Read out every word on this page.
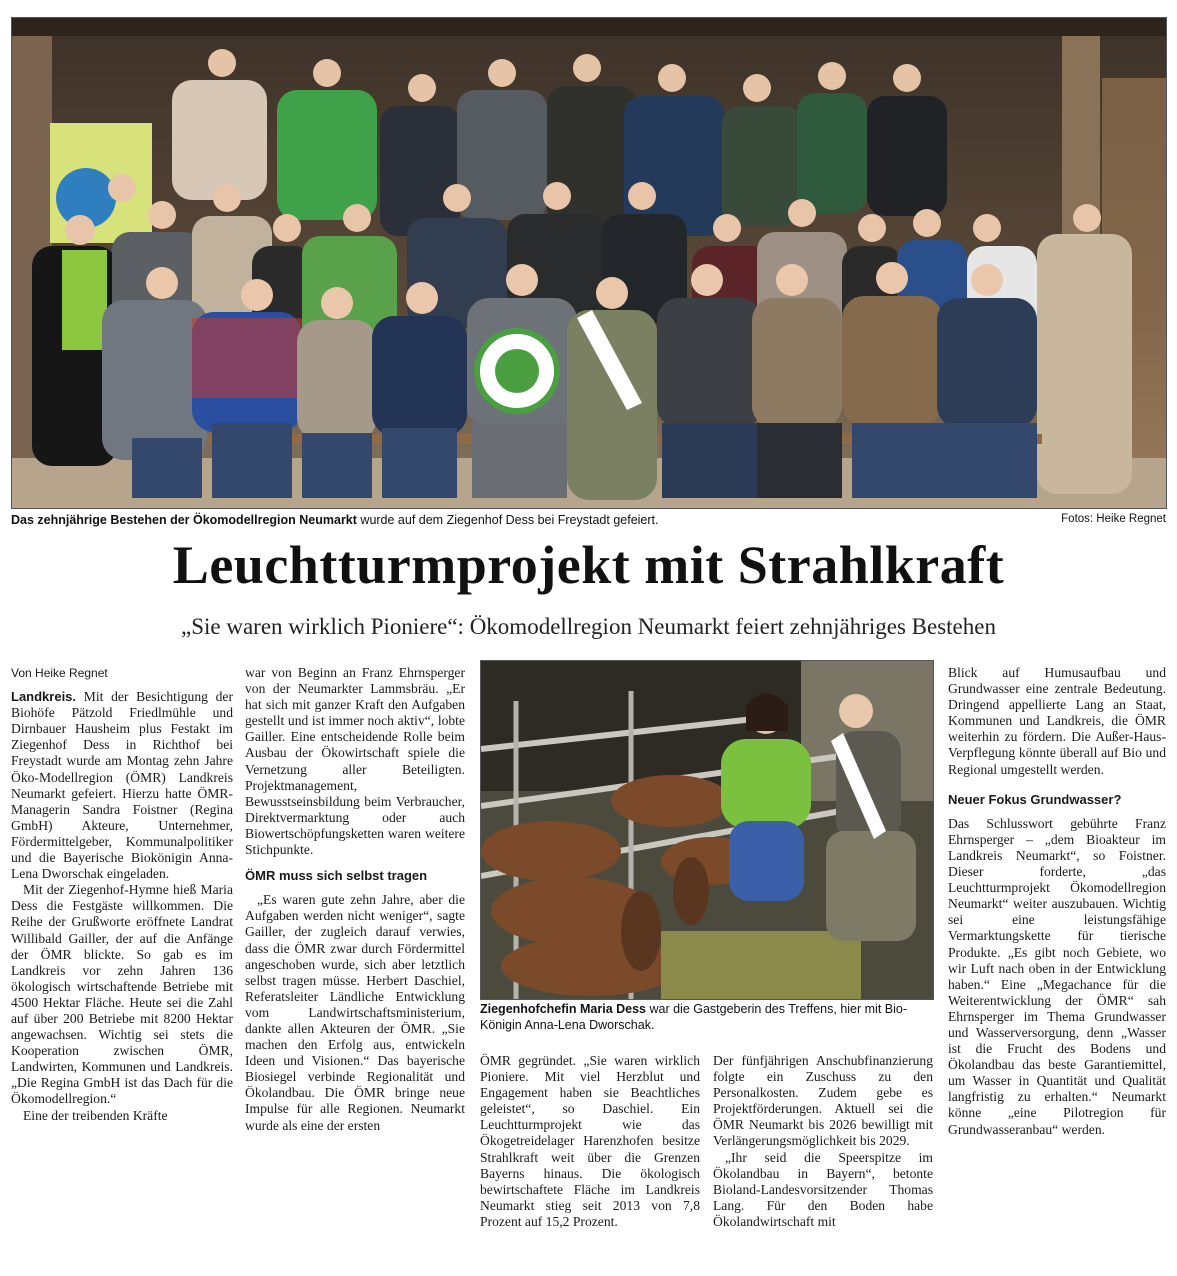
Das zehnjährige Bestehen der Ökomodellregion Neumarkt wurde auf dem Ziegenhof Dess bei Freystadt gefeiert.	Fotos: Heike Regnet
Leuchtturmprojekt mit Strahlkraft
„Sie waren wirklich Pioniere“: Ökomodellregion Neumarkt feiert zehnjähriges Bestehen
Von Heike Regnet

Landkreis. Mit der Besichtigung der Biohöfe Pätzold Friedlmühle und Dirnbauer Hausheim plus Festakt im Ziegenhof Dess in Richthof bei Freystadt wurde am Montag zehn Jahre Öko-Modellregion (ÖMR) Landkreis Neumarkt gefeiert. Hierzu hatte ÖMR-Managerin Sandra Foistner (Regina GmbH) Akteure, Unternehmer, Fördermittelgeber, Kommunalpolitiker und die Bayerische Biokönigin Anna-Lena Dworschak eingeladen.

Mit der Ziegenhof-Hymne hieß Maria Dess die Festgäste willkommen. Die Reihe der Grußworte eröffnete Landrat Willibald Gailler, der auf die Anfänge der ÖMR blickte. So gab es im Landkreis vor zehn Jahren 136 ökologisch wirtschaftende Betriebe mit 4500 Hektar Fläche. Heute sei die Zahl auf über 200 Betriebe mit 8200 Hektar angewachsen. Wichtig sei stets die Kooperation zwischen ÖMR, Landwirten, Kommunen und Landkreis. „Die Regina GmbH ist das Dach für die Ökomodellregion.“

Eine der treibenden Kräfte

war von Beginn an Franz Ehrnsperger von der Neumarkter Lammsbräu. „Er hat sich mit ganzer Kraft den Aufgaben gestellt und ist immer noch aktiv“, lobte Gailler. Eine entscheidende Rolle beim Ausbau der Ökowirtschaft spiele die Vernetzung aller Beteiligten. Projektmanagement, Bewusstseinsbildung beim Verbraucher, Direktvermarktung oder auch Biowertschöpfungsketten waren weitere Stichpunkte.

ÖMR muss sich selbst tragen

„Es waren gute zehn Jahre, aber die Aufgaben werden nicht weniger“, sagte Gailler, der zugleich darauf verwies, dass die ÖMR zwar durch Fördermittel angeschoben wurde, sich aber letztlich selbst tragen müsse. Herbert Daschiel, Referatsleiter Ländliche Entwicklung vom Landwirtschaftsministerium, dankte allen Akteuren der ÖMR. „Sie machen den Erfolg aus, entwickeln Ideen und Visionen.“ Das bayerische Biosiegel verbinde Regionalität und Ökolandbau. Die ÖMR bringe neue Impulse für alle Regionen. Neumarkt wurde als eine der ersten

Ziegenhofchefin Maria Dess war die Gastgeberin des Treffens, hier mit Bio-Königin Anna-Lena Dworschak.

ÖMR gegründet. „Sie waren wirklich Pioniere. Mit viel Herzblut und Engagement haben sie Beachtliches geleistet“, so Daschiel. Ein Leuchtturmprojekt wie das Ökogetreidelager Harenzhofen besitze Strahlkraft weit über die Grenzen Bayerns hinaus. Die ökologisch bewirtschaftete Fläche im Landkreis Neumarkt stieg seit 2013 von 7,8 Prozent auf 15,2 Prozent.

Der fünfjährigen Anschubfinanzierung folgte ein Zuschuss zu den Personalkosten. Zudem gebe es Projektförderungen. Aktuell sei die ÖMR Neumarkt bis 2026 bewilligt mit Verlängerungsmöglichkeit bis 2029.

„Ihr seid die Speerspitze im Ökolandbau in Bayern“, betonte Bioland-Landesvorsitzender Thomas Lang. Für den Boden habe Ökolandwirtschaft mit

Blick auf Humusaufbau und Grundwasser eine zentrale Bedeutung. Dringend appellierte Lang an Staat, Kommunen und Landkreis, die ÖMR weiterhin zu fördern. Die Außer-Haus-Verpflegung könnte überall auf Bio und Regional umgestellt werden.

Neuer Fokus Grundwasser?

Das Schlusswort gebührte Franz Ehrnsperger – „dem Bioakteur im Landkreis Neumarkt“, so Foistner. Dieser forderte, „das Leuchtturmprojekt Ökomodellregion Neumarkt“ weiter auszubauen. Wichtig sei eine leistungsfähige Vermarktungskette für tierische Produkte. „Es gibt noch Gebiete, wo wir Luft nach oben in der Entwicklung haben.“ Eine „Megachance für die Weiterentwicklung der ÖMR“ sah Ehrnsperger im Thema Grundwasser und Wasserversorgung, denn „Wasser ist die Frucht des Bodens und Ökolandbau das beste Garantiemittel, um Wasser in Quantität und Qualität langfristig zu erhalten.“ Neumarkt könne „eine Pilotregion für Grundwasseranbau“ werden.
